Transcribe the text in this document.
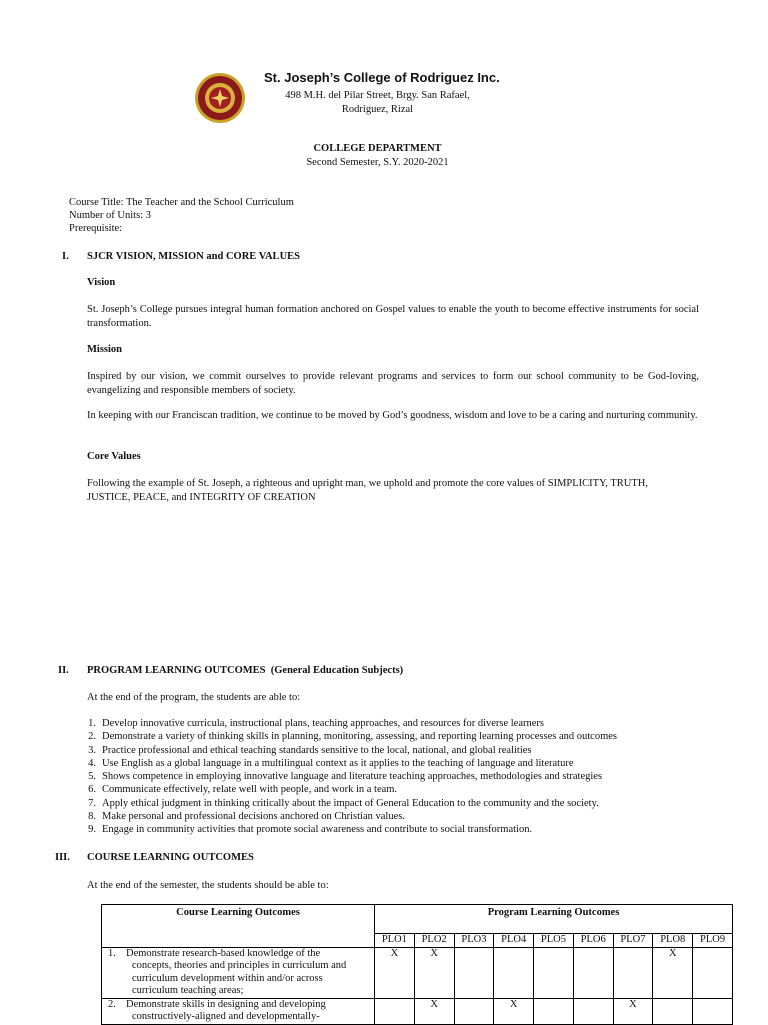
St. Joseph’s College of Rodriguez Inc.
498 M.H. del Pilar Street, Brgy. San Rafael,
Rodriguez, Rizal
COLLEGE DEPARTMENT
Second Semester, S.Y. 2020-2021
Course Title: The Teacher and the School Curriculum
Number of Units: 3
Prerequisite:
I.	SJCR VISION, MISSION and CORE VALUES
Vision
St. Joseph’s College pursues integral human formation anchored on Gospel values to enable the youth to become effective instruments for social transformation.
Mission
Inspired by our vision, we commit ourselves to provide relevant programs and services to form our school community to be God-loving, evangelizing and responsible members of society.
In keeping with our Franciscan tradition, we continue to be moved by God’s goodness, wisdom and love to be a caring and nurturing community.
Core Values
Following the example of St. Joseph, a righteous and upright man, we uphold and promote the core values of SIMPLICITY, TRUTH, JUSTICE, PEACE, and INTEGRITY OF CREATION
II.	PROGRAM LEARNING OUTCOMES  (General Education Subjects)
At the end of the program, the students are able to:
1. Develop innovative curricula, instructional plans, teaching approaches, and resources for diverse learners
2. Demonstrate a variety of thinking skills in planning, monitoring, assessing, and reporting learning processes and outcomes
3. Practice professional and ethical teaching standards sensitive to the local, national, and global realities
4. Use English as a global language in a multilingual context as it applies to the teaching of language and literature
5. Shows competence in employing innovative language and literature teaching approaches, methodologies and strategies
6. Communicate effectively, relate well with people, and work in a team.
7. Apply ethical judgment in thinking critically about the impact of General Education to the community and the society.
8. Make personal and professional decisions anchored on Christian values.
9. Engage in community activities that promote social awareness and contribute to social transformation.
III.	COURSE LEARNING OUTCOMES
At the end of the semester, the students should be able to:
Course Learning Outcomes	Program Learning Outcomes								
	PLO1	PLO2	PLO3	PLO4	PLO5	PLO6	PLO7	PLO8	PLO9

1. Demonstrate research-based knowledge of the
concepts, theories and principles in curriculum and
curriculum development within and/or across
curriculum teaching areas;	X	X						X	

2. Demonstrate skills in designing and developing
constructively-aligned and developmentally-		X		X			X		
